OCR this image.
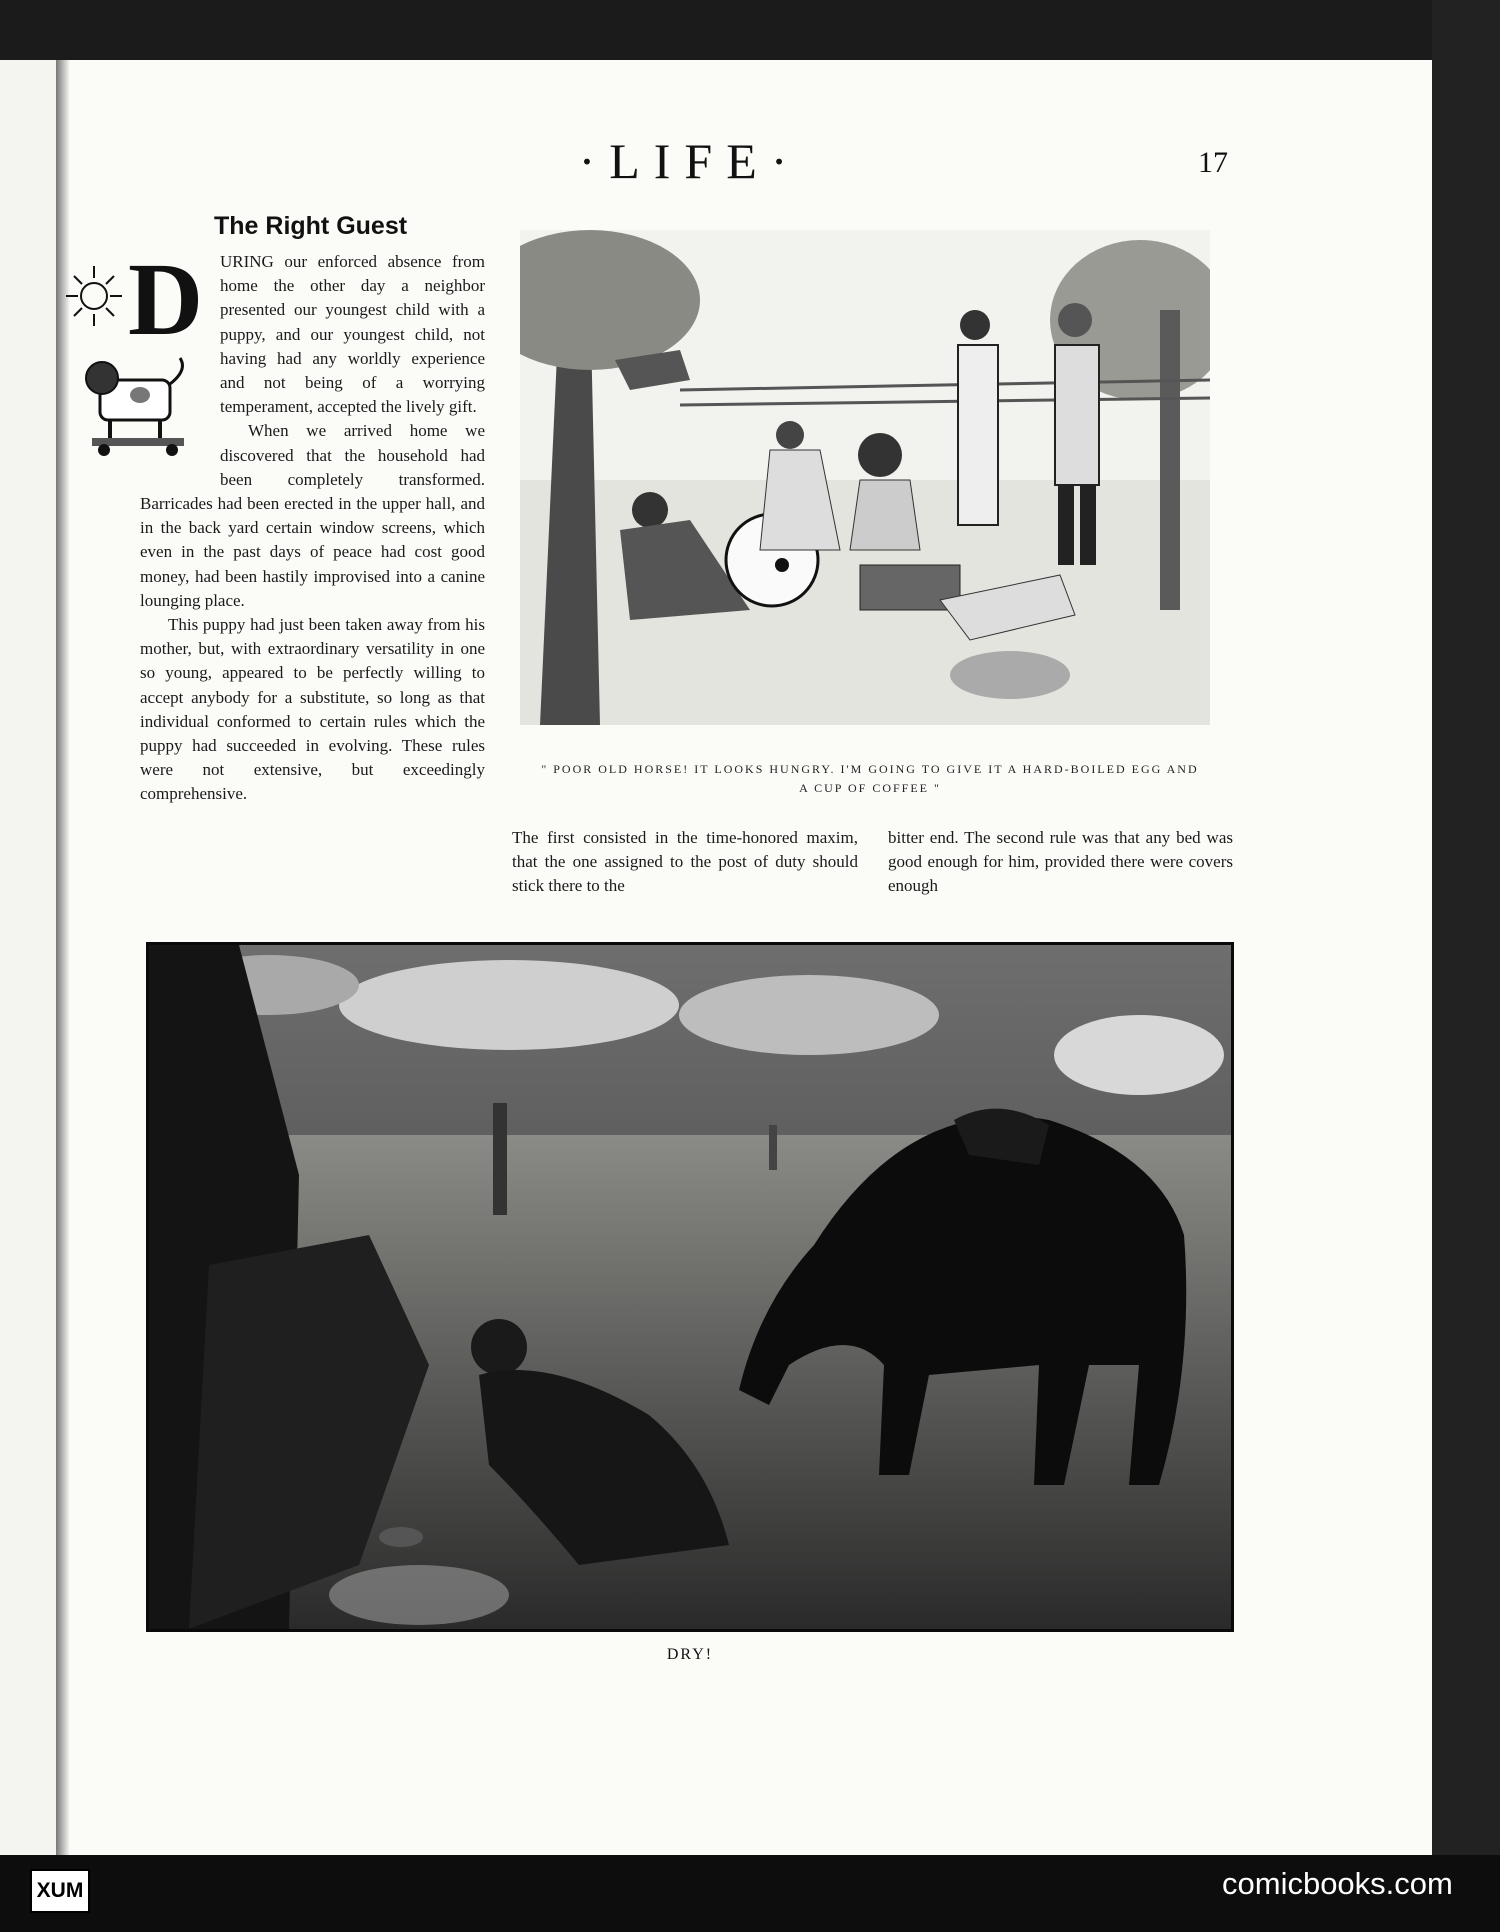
·LIFE·	17
The Right Guest
D URING our enforced absence from home the other day a neighbor presented our youngest child with a puppy, and our youngest child, not having had any worldly experience and not being of a worrying temperament, accepted the lively gift.

When we arrived home we discovered that the household had been completely transformed. Barricades had been erected in the upper hall, and in the back yard certain window screens, which even in the past days of peace had cost good money, had been hastily improvised into a canine lounging place.

This puppy had just been taken away from his mother, but, with extraordinary versatility in one so young, appeared to be perfectly willing to accept anybody for a substitute, so long as that individual conformed to certain rules which the puppy had succeeded in evolving. These rules were not extensive, but exceedingly comprehensive.

" POOR OLD HORSE! IT LOOKS HUNGRY. I'M GOING TO GIVE IT A HARD-BOILED EGG AND A CUP OF COFFEE "

The first consisted in the time-honored maxim, that the one assigned to the post of duty should stick there to the

bitter end. The second rule was that any bed was good enough for him, provided there were covers enough

DRY!
XUM	comicbooks.com
